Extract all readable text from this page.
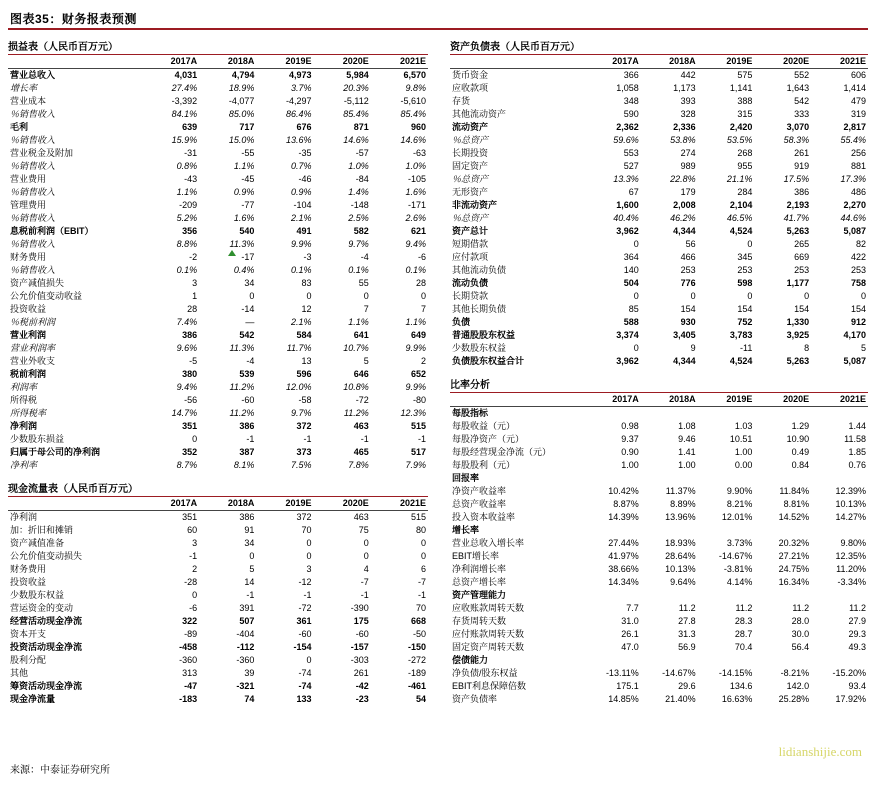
图表35：财务报表预测
损益表（人民币百万元）
	2017A	2018A	2019E	2020E	2021E
营业总收入	4,031	4,794	4,973	5,984	6,570
增长率	27.4%	18.9%	3.7%	20.3%	9.8%
营业成本	-3,392	-4,077	-4,297	-5,112	-5,610
％销售收入	84.1%	85.0%	86.4%	85.4%	85.4%
毛利	639	717	676	871	960
％销售收入	15.9%	15.0%	13.6%	14.6%	14.6%
营业税金及附加	-31	-55	-35	-57	-63
％销售收入	0.8%	1.1%	0.7%	1.0%	1.0%
营业费用	-43	-45	-46	-84	-105
％销售收入	1.1%	0.9%	0.9%	1.4%	1.6%
管理费用	-209	-77	-104	-148	-171
％销售收入	5.2%	1.6%	2.1%	2.5%	2.6%
息税前利润（EBIT）	356	540	491	582	621
％销售收入	8.8%	11.3%	9.9%	9.7%	9.4%
财务费用	-2	-17	-3	-4	-6
％销售收入	0.1%	0.4%	0.1%	0.1%	0.1%
资产减值损失	3	34	83	55	28
公允价值变动收益	1	0	0	0	0
投资收益	28	-14	12	7	7
％税前利润	7.4%	—	2.1%	1.1%	1.1%
营业利润	386	542	584	641	649
营业利润率	9.6%	11.3%	11.7%	10.7%	9.9%
营业外收支	-5	-4	13	5	2
税前利润	380	539	596	646	652
利润率	9.4%	11.2%	12.0%	10.8%	9.9%
所得税	-56	-60	-58	-72	-80
所得税率	14.7%	11.2%	9.7%	11.2%	12.3%
净利润	351	386	372	463	515
少数股东损益	0	-1	-1	-1	-1
归属于母公司的净利润	352	387	373	465	517
净利率	8.7%	8.1%	7.5%	7.8%	7.9%
现金流量表（人民币百万元）
	2017A	2018A	2019E	2020E	2021E
净利润	351	386	372	463	515
加：折旧和摊销	60	91	70	75	80
资产减值准备	3	34	0	0	0
公允价值变动损失	-1	0	0	0	0
财务费用	2	5	3	4	6
投资收益	-28	14	-12	-7	-7
少数股东权益	0	-1	-1	-1	-1
营运资金的变动	-6	391	-72	-390	70
经营活动现金净流	322	507	361	175	668
资本开支	-89	-404	-60	-60	-50
投资活动现金净流	-458	-112	-154	-157	-150
股利分配	-360	-360	0	-303	-272
其他	313	39	-74	261	-189
筹资活动现金净流	-47	-321	-74	-42	-461
现金净流量	-183	74	133	-23	54
资产负债表（人民币百万元）
	2017A	2018A	2019E	2020E	2021E
货币资金	366	442	575	552	606
应收款项	1,058	1,173	1,141	1,643	1,414
存货	348	393	388	542	479
其他流动资产	590	328	315	333	319
流动资产	2,362	2,336	2,420	3,070	2,817
％总资产	59.6%	53.8%	53.5%	58.3%	55.4%
长期投资	553	274	268	261	256
固定资产	527	989	955	919	881
％总资产	13.3%	22.8%	21.1%	17.5%	17.3%
无形资产	67	179	284	386	486
非流动资产	1,600	2,008	2,104	2,193	2,270
％总资产	40.4%	46.2%	46.5%	41.7%	44.6%
资产总计	3,962	4,344	4,524	5,263	5,087
短期借款	0	56	0	265	82
应付款项	364	466	345	669	422
其他流动负债	140	253	253	253	253
流动负债	504	776	598	1,177	758
长期贷款	0	0	0	0	0
其他长期负债	85	154	154	154	154
负债	588	930	752	1,330	912
普通股股东权益	3,374	3,405	3,783	3,925	4,170
少数股东权益	0	9	-11	8	5
负债股东权益合计	3,962	4,344	4,524	5,263	5,087
比率分析
	2017A	2018A	2019E	2020E	2021E
每股指标					
每股收益（元）	0.98	1.08	1.03	1.29	1.44
每股净资产（元）	9.37	9.46	10.51	10.90	11.58
每股经营现金净流（元）	0.90	1.41	1.00	0.49	1.85
每股股利（元）	1.00	1.00	0.00	0.84	0.76
回报率					
净资产收益率	10.42%	11.37%	9.90%	11.84%	12.39%
总资产收益率	8.87%	8.89%	8.21%	8.81%	10.13%
投入资本收益率	14.39%	13.96%	12.01%	14.52%	14.27%
增长率					
营业总收入增长率	27.44%	18.93%	3.73%	20.32%	9.80%
EBIT增长率	41.97%	28.64%	-14.67%	27.21%	12.35%
净利润增长率	38.66%	10.13%	-3.81%	24.75%	11.20%
总资产增长率	14.34%	9.64%	4.14%	16.34%	-3.34%
资产管理能力					
应收账款周转天数	7.7	11.2	11.2	11.2	11.2
存货周转天数	31.0	27.8	28.3	28.0	27.9
应付账款周转天数	26.1	31.3	28.7	30.0	29.3
固定资产周转天数	47.0	56.9	70.4	56.4	49.3
偿债能力					
净负债/股东权益	-13.11%	-14.67%	-14.15%	-8.21%	-15.20%
EBIT利息保障倍数	175.1	29.6	134.6	142.0	93.4
资产负债率	14.85%	21.40%	16.63%	25.28%	17.92%
来源：中泰证券研究所
lidianshijie.com
